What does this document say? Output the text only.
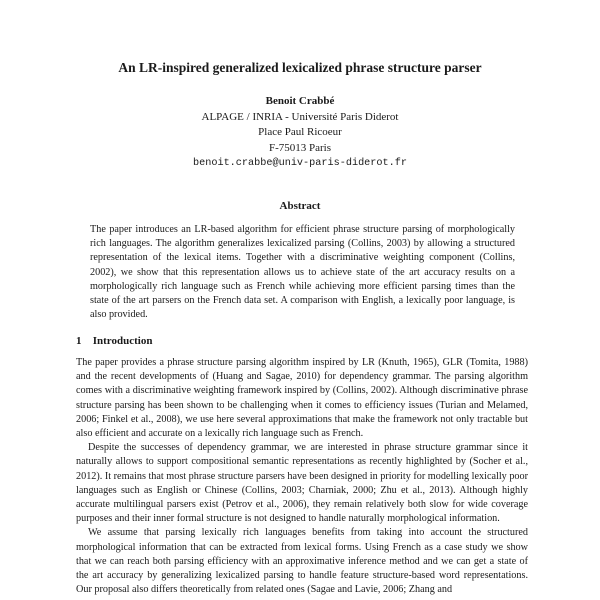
An LR-inspired generalized lexicalized phrase structure parser
Benoit Crabbé
ALPAGE / INRIA - Université Paris Diderot
Place Paul Ricoeur
F-75013 Paris
benoit.crabbe@univ-paris-diderot.fr
Abstract

The paper introduces an LR-based algorithm for efficient phrase structure parsing of morphologically rich languages. The algorithm generalizes lexicalized parsing (Collins, 2003) by allowing a structured representation of the lexical items. Together with a discriminative weighting component (Collins, 2002), we show that this representation allows us to achieve state of the art accuracy results on a morphologically rich language such as French while achieving more efficient parsing times than the state of the art parsers on the French data set. A comparison with English, a lexically poor language, is also provided.

1 Introduction

The paper provides a phrase structure parsing algorithm inspired by LR (Knuth, 1965), GLR (Tomita, 1988) and the recent developments of (Huang and Sagae, 2010) for dependency grammar. The parsing algorithm comes with a discriminative weighting framework inspired by (Collins, 2002). Although discriminative phrase structure parsing has been shown to be challenging when it comes to efficiency issues (Turian and Melamed, 2006; Finkel et al., 2008), we use here several approximations that make the framework not only tractable but also efficient and accurate on a lexically rich language such as French.

Despite the successes of dependency grammar, we are interested in phrase structure grammar since it naturally allows to support compositional semantic representations as recently highlighted by (Socher et al., 2012). It remains that most phrase structure parsers have been designed in priority for modelling lexically poor languages such as English or Chinese (Collins, 2003; Charniak, 2000; Zhu et al., 2013). Although highly accurate multilingual parsers exist (Petrov et al., 2006), they remain relatively both slow for wide coverage purposes and their inner formal structure is not designed to handle naturally morphological information.

We assume that parsing lexically rich languages benefits from taking into account the structured morphological information that can be extracted from lexical forms. Using French as a case study we show that we can reach both parsing efficiency with an approximative inference method and we can get a state of the art accuracy by generalizing lexicalized parsing to handle feature structure-based word representations. Our proposal also differs theoretically from related ones (Sagae and Lavie, 2006; Zhang and
